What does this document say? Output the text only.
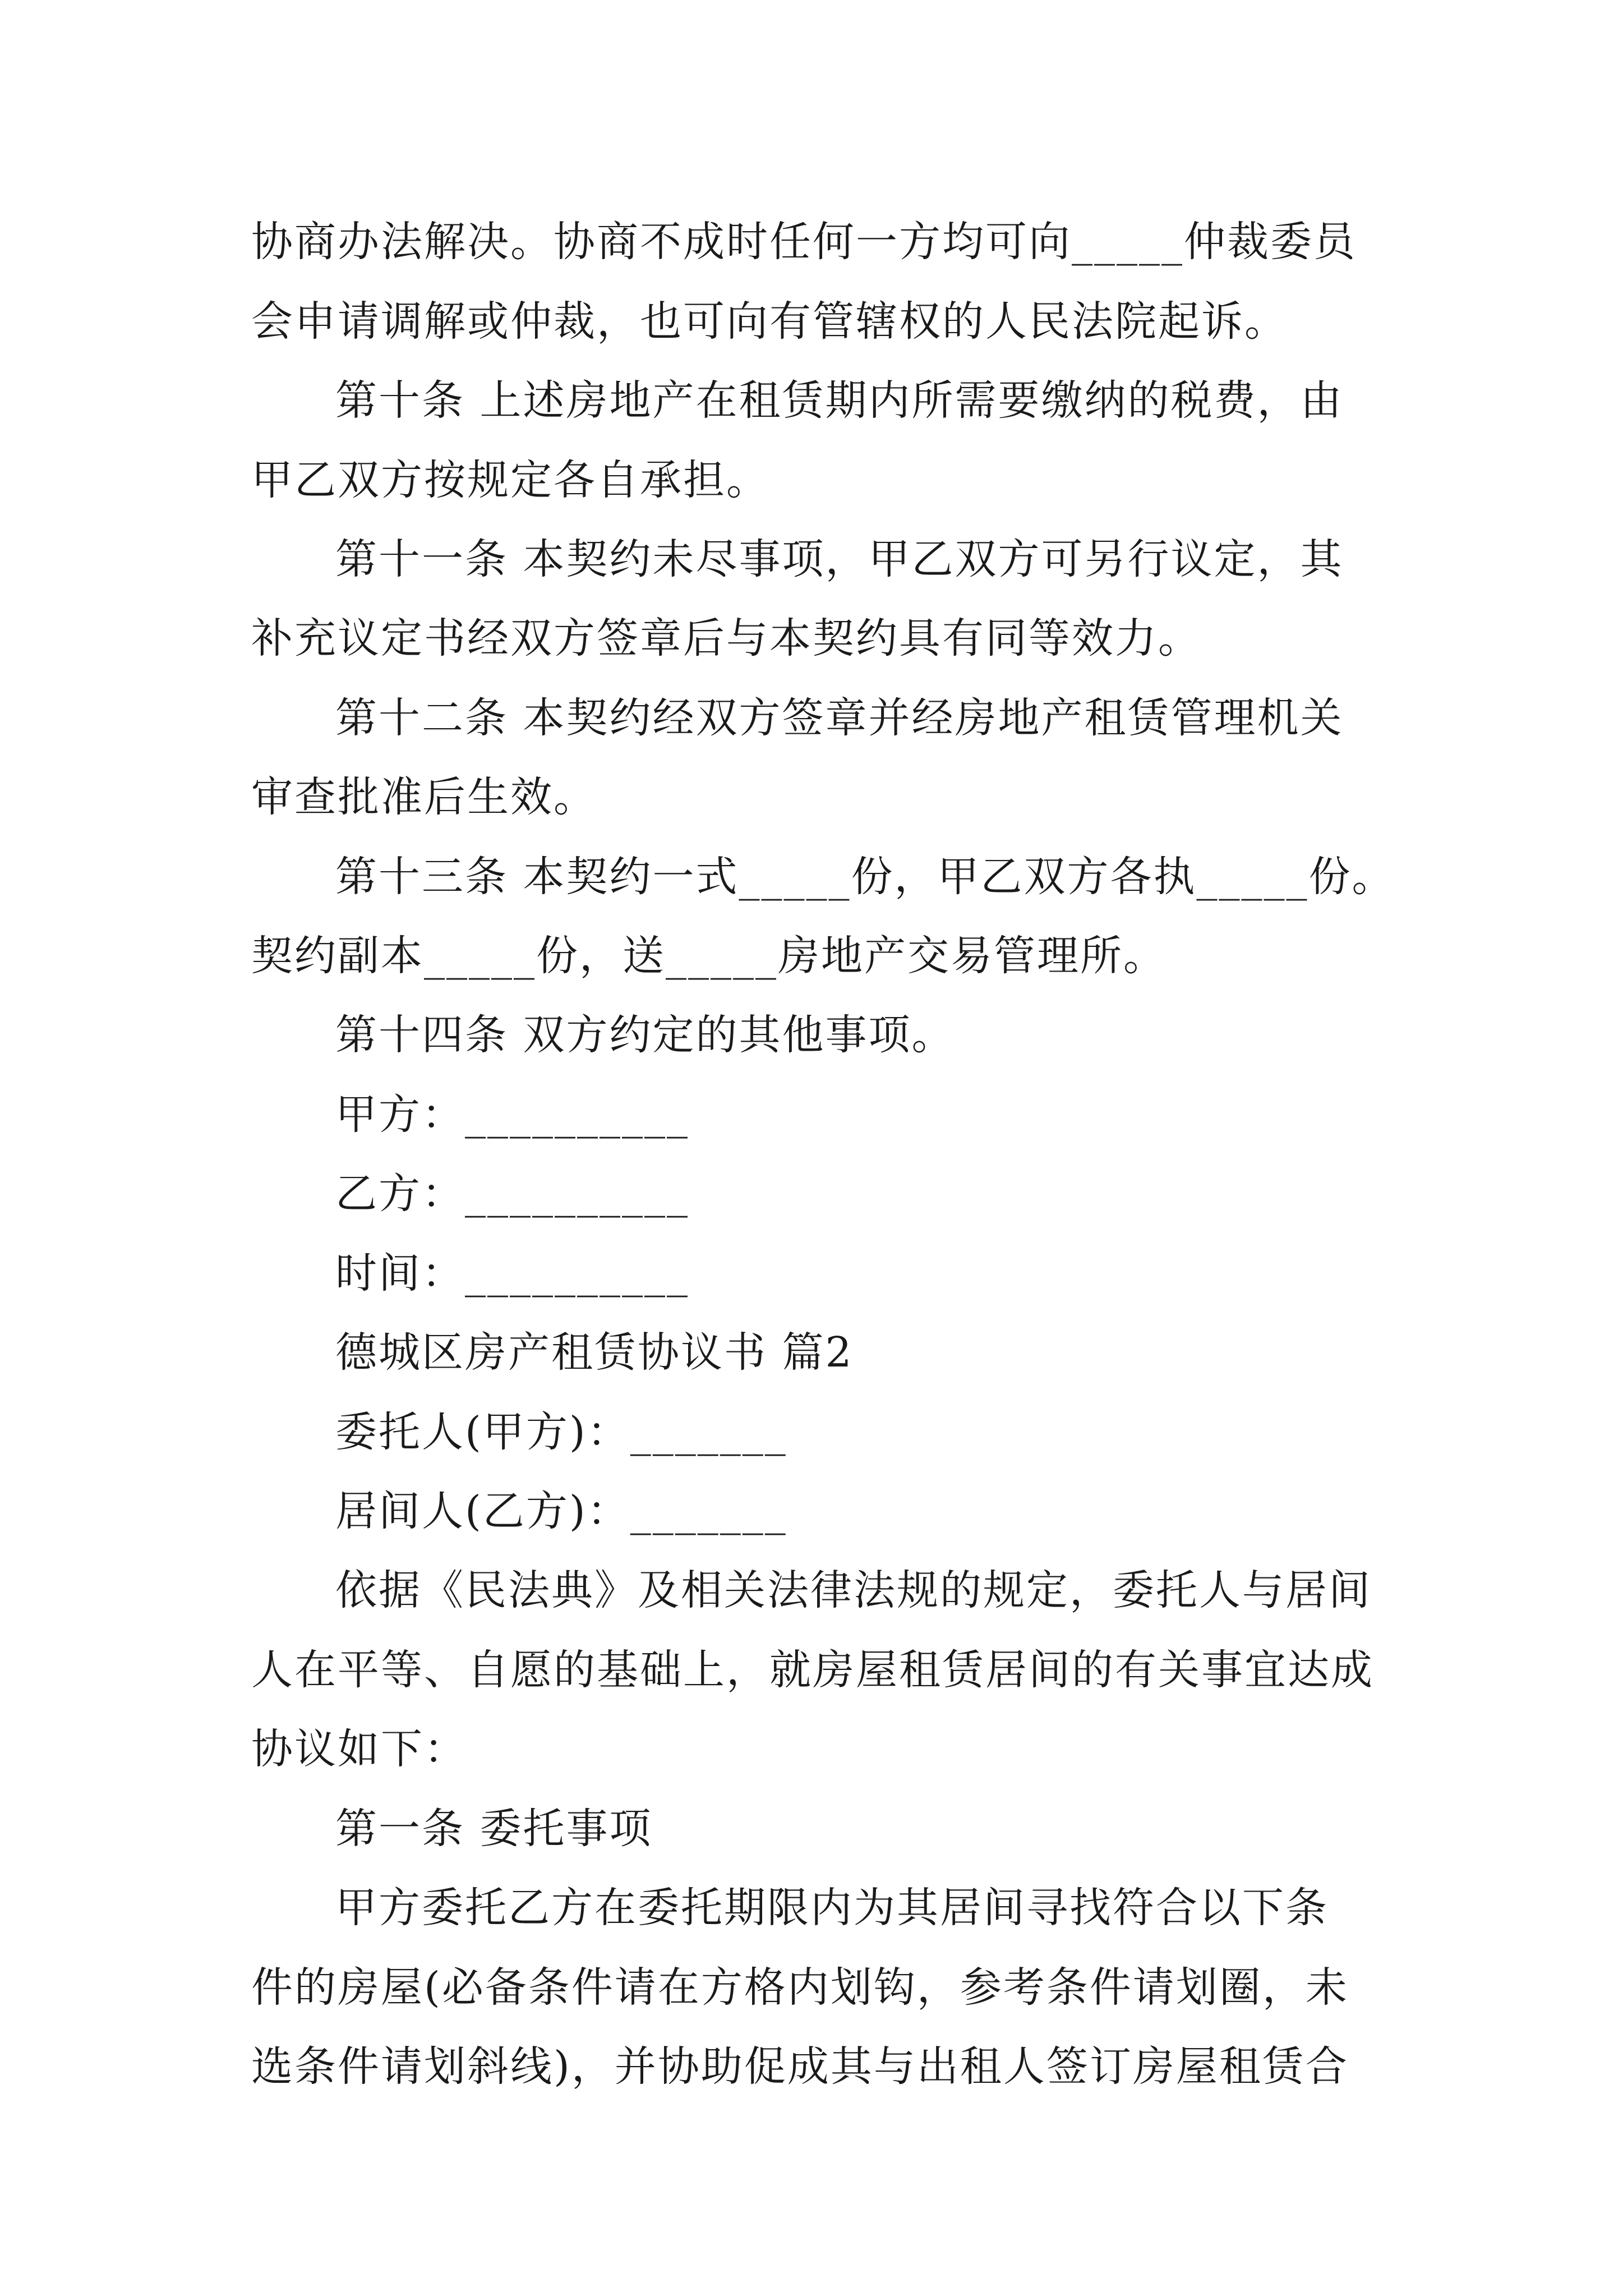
协商办法解决。协商不成时任何一方均可向_____仲裁委员

会申请调解或仲裁，也可向有管辖权的人民法院起诉。

第十条 上述房地产在租赁期内所需要缴纳的税费，由

甲乙双方按规定各自承担。

第十一条 本契约未尽事项，甲乙双方可另行议定，其

补充议定书经双方签章后与本契约具有同等效力。

第十二条 本契约经双方签章并经房地产租赁管理机关

审查批准后生效。

第十三条 本契约一式_____份，甲乙双方各执_____份。

契约副本_____份，送_____房地产交易管理所。

第十四条 双方约定的其他事项。

甲方：__________

乙方：__________

时间：__________

德城区房产租赁协议书 篇2

委托人(甲方)：_______

居间人(乙方)：_______

依据《民法典》及相关法律法规的规定，委托人与居间

人在平等、自愿的基础上，就房屋租赁居间的有关事宜达成

协议如下：

第一条 委托事项

甲方委托乙方在委托期限内为其居间寻找符合以下条

件的房屋(必备条件请在方格内划钩，参考条件请划圈，未

选条件请划斜线)，并协助促成其与出租人签订房屋租赁合
